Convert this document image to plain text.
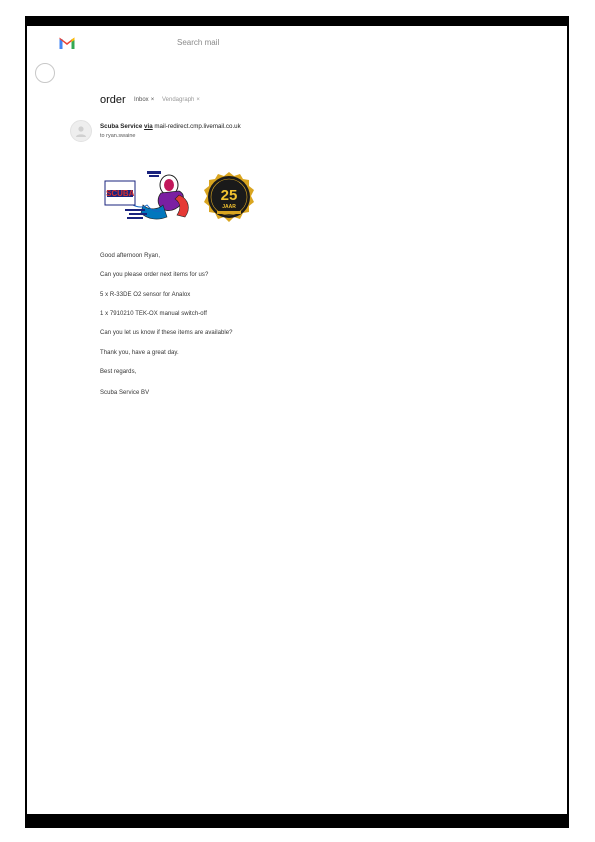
Search mail
order Inbox × Vendagraph ×
Scuba Service via mail-redirect.cmp.livemail.co.uk
to ryan.swaine
SCUBA	25
JAAR
Good afternoon Ryan,
Can you please order next items for us?
5 x R-33DE O2 sensor for Analox
1 x 7910210 TEK-OX manual switch-off
Can you let us know if these items are available?
Thank you, have a great day.
Best regards,
Scuba Service BV
